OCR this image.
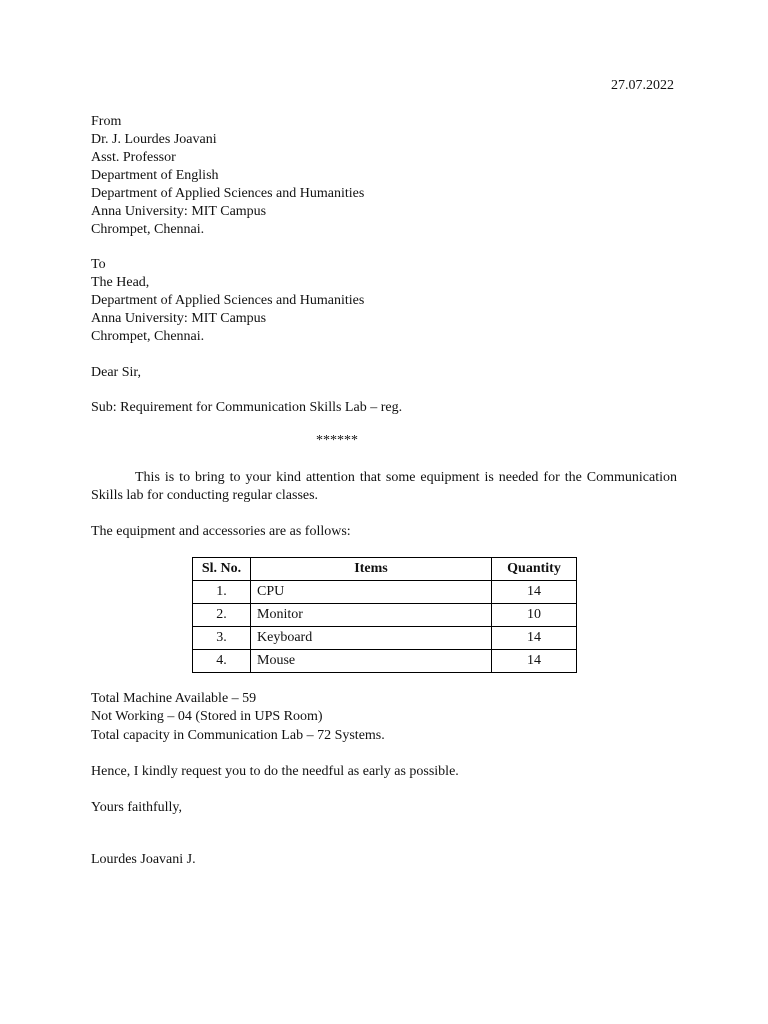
27.07.2022
From
Dr. J. Lourdes Joavani
Asst. Professor
Department of English
Department of Applied Sciences and Humanities
Anna University: MIT Campus
Chrompet, Chennai.
To
The Head,
Department of Applied Sciences and Humanities
Anna University: MIT Campus
Chrompet, Chennai.
Dear Sir,
Sub: Requirement for Communication Skills Lab – reg.
******
This is to bring to your kind attention that some equipment is needed for the Communication Skills lab for conducting regular classes.
The equipment and accessories are as follows:
Sl. No.	Items	Quantity
1.	CPU	14
2.	Monitor	10
3.	Keyboard	14
4.	Mouse	14
Total Machine Available – 59
Not Working – 04 (Stored in UPS Room)
Total capacity in Communication Lab – 72 Systems.
Hence, I kindly request you to do the needful as early as possible.
Yours faithfully,
Lourdes Joavani J.
